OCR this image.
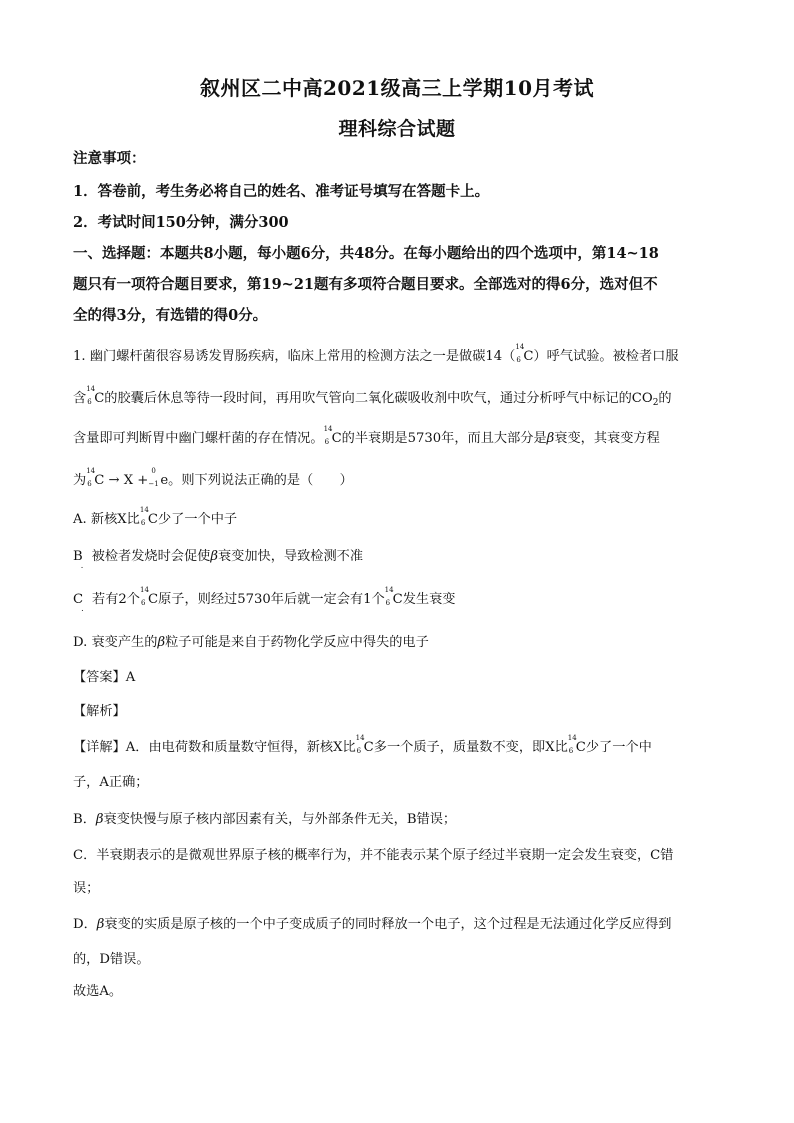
叙州区二中高2021级高三上学期10月考试
理科综合试题
注意事项：
1．答卷前，考生务必将自己的姓名、准考证号填写在答题卡上。
2．考试时间150分钟，满分300
一、选择题：本题共8小题，每小题6分，共48分。在每小题给出的四个选项中，第14~18
题只有一项符合题目要求，第19~21题有多项符合题目要求。全部选对的得6分，选对但不
全的得3分，有选错的得0分。
1. 幽门螺杆菌很容易诱发胃肠疾病，临床上常用的检测方法之一是做碳14（
14
6 C）呼气试验。被检者口服
含
14
6 C的胶囊后休息等待一段时间，再用吹气管向二氧化碳吸收剂中吹气，通过分析呼气中标记的$CO_2$的
含量即可判断胃中幽门螺杆菌的存在情况。
14
6 C的半衰期是5730年，而且大部分是β衰变，其衰变方程
为
14
6 C → X +
0
−1 e。则下列说法正确的是（　　）
A. 新核X比
14
6 C少了一个中子
$B_.$  被检者发烧时会促使β衰变加快，导致检测不准
$C_.$  若有2个
14
6 C原子，则经过5730年后就一定会有1个
14
6 C发生衰变
D. 衰变产生的β粒子可能是来自于药物化学反应中得失的电子
【答案】A
【解析】
【详解】A．由电荷数和质量数守恒得，新核X比
14
6 C多一个质子，质量数不变，即X比
14
6 C少了一个中
子，A正确；
B．β衰变快慢与原子核内部因素有关，与外部条件无关，B错误；
C．半衰期表示的是微观世界原子核的概率行为，并不能表示某个原子经过半衰期一定会发生衰变，C错
误；
D．β衰变的实质是原子核的一个中子变成质子的同时释放一个电子，这个过程是无法通过化学反应得到
的，D错误。
故选A。
